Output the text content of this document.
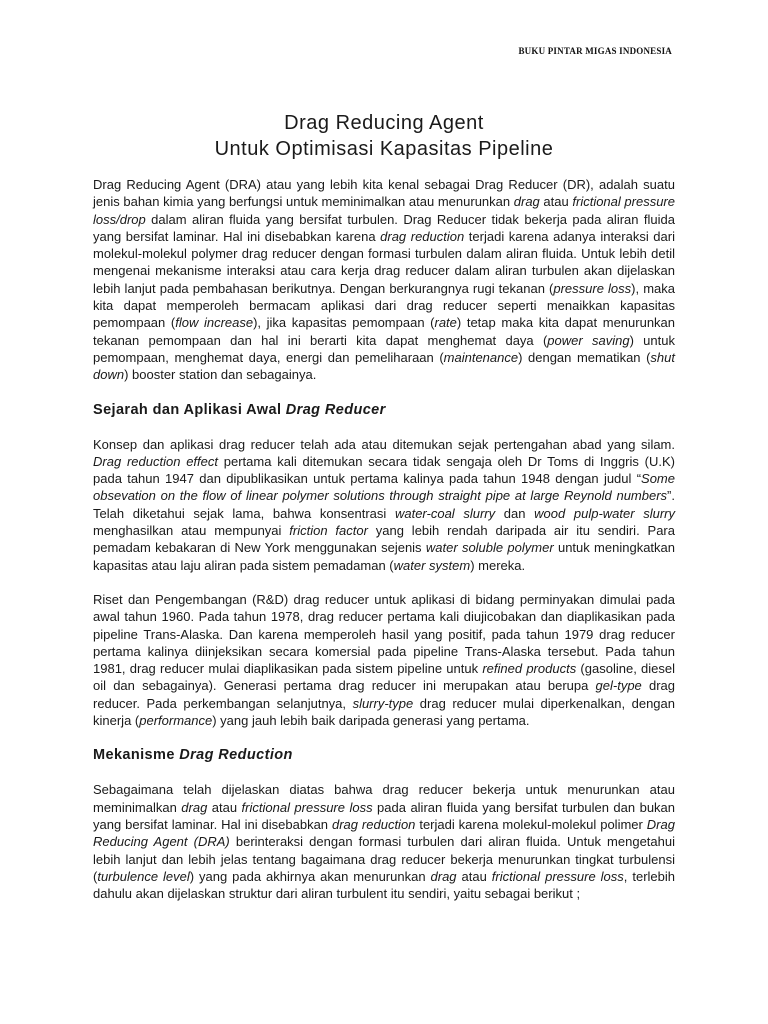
BUKU PINTAR MIGAS INDONESIA
Drag Reducing Agent
Untuk Optimisasi Kapasitas Pipeline

Drag Reducing Agent (DRA) atau yang lebih kita kenal sebagai Drag Reducer (DR), adalah suatu jenis bahan kimia yang berfungsi untuk meminimalkan atau menurunkan drag atau frictional pressure loss/drop dalam aliran fluida yang bersifat turbulen. Drag Reducer tidak bekerja pada aliran fluida yang bersifat laminar. Hal ini disebabkan karena drag reduction terjadi karena adanya interaksi dari molekul-molekul polymer drag reducer dengan formasi turbulen dalam aliran fluida. Untuk lebih detil mengenai mekanisme interaksi atau cara kerja drag reducer dalam aliran turbulen akan dijelaskan lebih lanjut pada pembahasan berikutnya. Dengan berkurangnya rugi tekanan (pressure loss), maka kita dapat memperoleh bermacam aplikasi dari drag reducer seperti menaikkan kapasitas pemompaan (flow increase), jika kapasitas pemompaan (rate) tetap maka kita dapat menurunkan tekanan pemompaan dan hal ini berarti kita dapat menghemat daya (power saving) untuk pemompaan, menghemat daya, energi dan pemeliharaan (maintenance) dengan mematikan (shut down) booster station dan sebagainya.

Sejarah dan Aplikasi Awal Drag Reducer

Konsep dan aplikasi drag reducer telah ada atau ditemukan sejak pertengahan abad yang silam. Drag reduction effect pertama kali ditemukan secara tidak sengaja oleh Dr Toms di Inggris (U.K) pada tahun 1947 dan dipublikasikan untuk pertama kalinya pada tahun 1948 dengan judul “Some obsevation on the flow of linear polymer solutions through straight pipe at large Reynold numbers”. Telah diketahui sejak lama, bahwa konsentrasi water-coal slurry dan wood pulp-water slurry menghasilkan atau mempunyai friction factor yang lebih rendah daripada air itu sendiri. Para pemadam kebakaran di New York menggunakan sejenis water soluble polymer untuk meningkatkan kapasitas atau laju aliran pada sistem pemadaman (water system) mereka.

Riset dan Pengembangan (R&D) drag reducer untuk aplikasi di bidang perminyakan dimulai pada awal tahun 1960. Pada tahun 1978, drag reducer pertama kali diujicobakan dan diaplikasikan pada pipeline Trans-Alaska. Dan karena memperoleh hasil yang positif, pada tahun 1979 drag reducer pertama kalinya diinjeksikan secara komersial pada pipeline Trans-Alaska tersebut. Pada tahun 1981, drag reducer mulai diaplikasikan pada sistem pipeline untuk refined products (gasoline, diesel oil dan sebagainya). Generasi pertama drag reducer ini merupakan atau berupa gel-type drag reducer. Pada perkembangan selanjutnya, slurry-type drag reducer mulai diperkenalkan, dengan kinerja (performance) yang jauh lebih baik daripada generasi yang pertama.

Mekanisme Drag Reduction

Sebagaimana telah dijelaskan diatas bahwa drag reducer bekerja untuk menurunkan atau meminimalkan drag atau frictional pressure loss pada aliran fluida yang bersifat turbulen dan bukan yang bersifat laminar. Hal ini disebabkan drag reduction terjadi karena molekul-molekul polimer Drag Reducing Agent (DRA) berinteraksi dengan formasi turbulen dari aliran fluida. Untuk mengetahui lebih lanjut dan lebih jelas tentang bagaimana drag reducer bekerja menurunkan tingkat turbulensi (turbulence level) yang pada akhirnya akan menurunkan drag atau frictional pressure loss, terlebih dahulu akan dijelaskan struktur dari aliran turbulent itu sendiri, yaitu sebagai berikut ;
